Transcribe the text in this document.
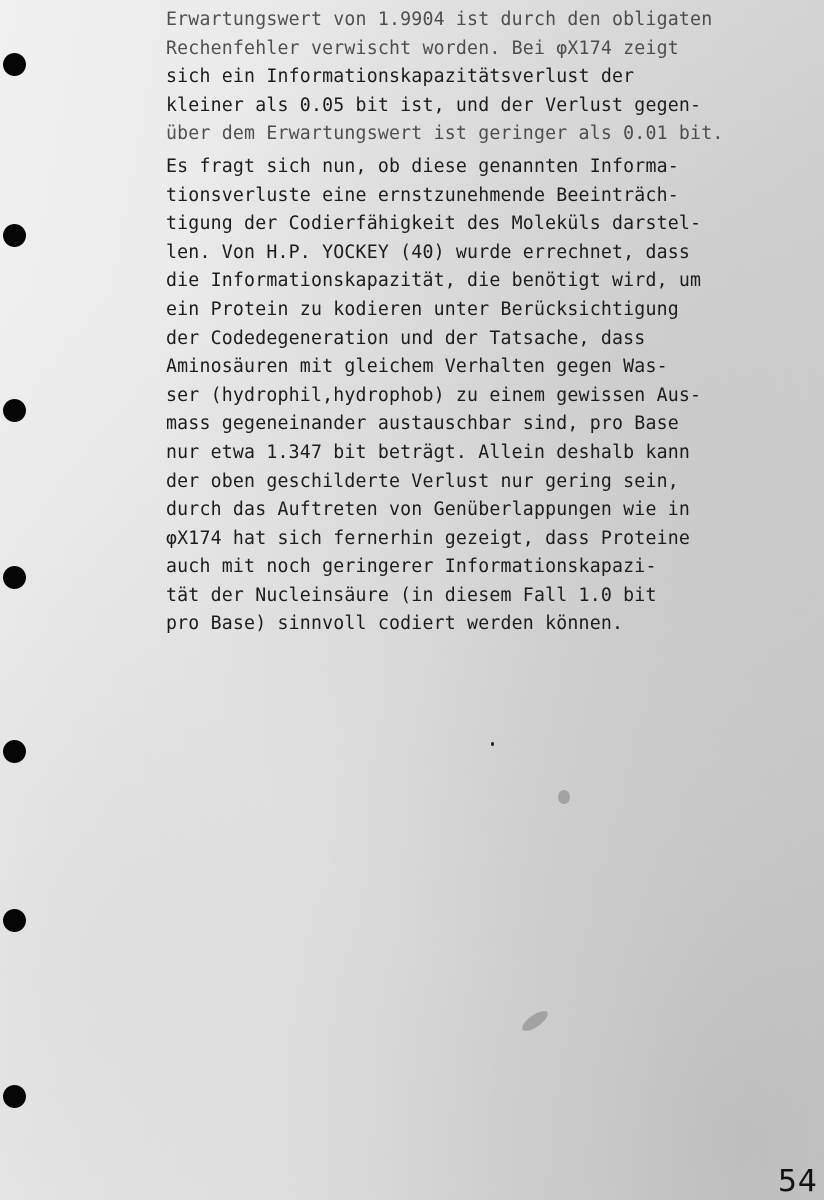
Erwartungswert von 1.9904 ist durch den obligaten
Rechenfehler verwischt worden. Bei φX174 zeigt
sich ein Informationskapazitätsverlust der
kleiner als 0.05 bit ist, und der Verlust gegen-
über dem Erwartungswert ist geringer als 0.01 bit.
Es fragt sich nun, ob diese genannten Informa-
tionsverluste eine ernstzunehmende Beeinträch-
tigung der Codierfähigkeit des Moleküls darstel-
len. Von H.P. YOCKEY (40) wurde errechnet, dass
die Informationskapazität, die benötigt wird, um
ein Protein zu kodieren unter Berücksichtigung
der Codedegeneration und der Tatsache, dass
Aminosäuren mit gleichem Verhalten gegen Was-
ser (hydrophil,hydrophob) zu einem gewissen Aus-
mass gegeneinander austauschbar sind, pro Base
nur etwa 1.347 bit beträgt. Allein deshalb kann
der oben geschilderte Verlust nur gering sein,
durch das Auftreten von Genüberlappungen wie in
φX174 hat sich fernerhin gezeigt, dass Proteine
auch mit noch geringerer Informationskapazi-
tät der Nucleinsäure (in diesem Fall 1.0 bit
pro Base) sinnvoll codiert werden können.
54
